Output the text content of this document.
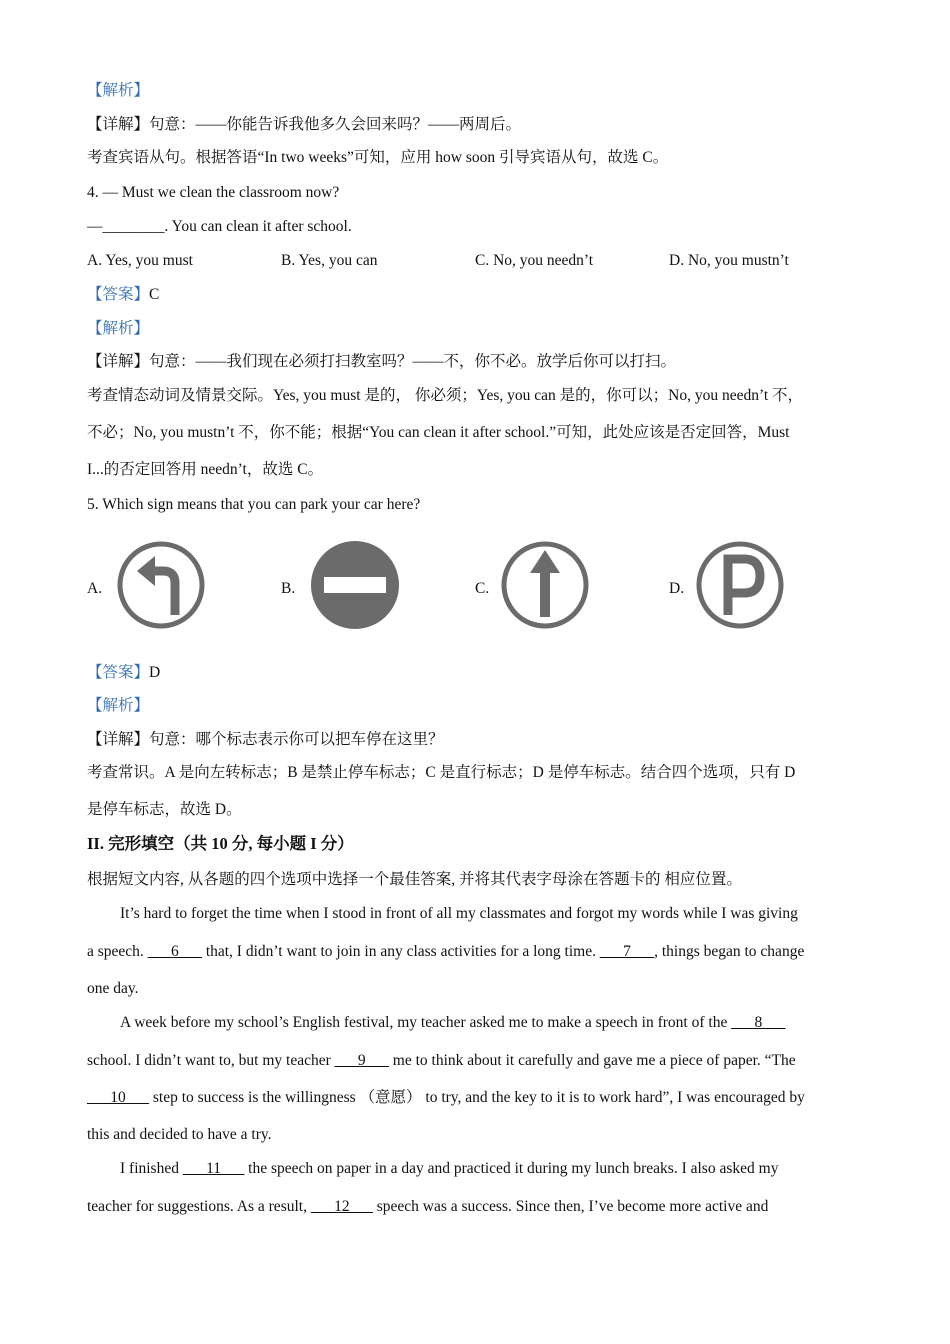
【解析】
【详解】句意：——你能告诉我他多久会回来吗？——两周后。
考查宾语从句。根据答语“In two weeks”可知，应用 how soon 引导宾语从句，故选 C。
4. — Must we clean the classroom now?
—________. You can clean it after school.
A. Yes, you must	B. Yes, you can	C. No, you needn’t	D. No, you mustn’t
【答案】C
【解析】
【详解】句意：——我们现在必须打扫教室吗？——不，你不必。放学后你可以打扫。
考查情态动词及情景交际。Yes, you must 是的， 你必须；Yes, you can 是的，你可以；No, you needn’t 不，
不必；No, you mustn’t 不，你不能；根据“You can clean it after school.”可知，此处应该是否定回答，Must
I...的否定回答用 needn’t，故选 C。
5. Which sign means that you can park your car here?
A.	B.	C.	D.
【答案】D
【解析】
【详解】句意：哪个标志表示你可以把车停在这里？
考查常识。A 是向左转标志；B 是禁止停车标志；C 是直行标志；D 是停车标志。结合四个选项，只有 D
是停车标志，故选 D。
II. 完形填空（共 10 分, 每小题 I 分）
根据短文内容, 从各题的四个选项中选择一个最佳答案, 并将其代表字母涂在答题卡的 相应位置。
It’s hard to forget the time when I stood in front of all my classmates and forgot my words while I was giving
a speech. ___6___ that, I didn’t want to join in any class activities for a long time. ___7___, things began to change
one day.
A week before my school’s English festival, my teacher asked me to make a speech in front of the ___8___
school. I didn’t want to, but my teacher ___9___ me to think about it carefully and gave me a piece of paper. “The
___10___ step to success is the willingness （意愿） to try, and the key to it is to work hard”, I was encouraged by
this and decided to have a try.
I finished ___11___ the speech on paper in a day and practiced it during my lunch breaks. I also asked my
teacher for suggestions. As a result, ___12___ speech was a success. Since then, I’ve become more active and
